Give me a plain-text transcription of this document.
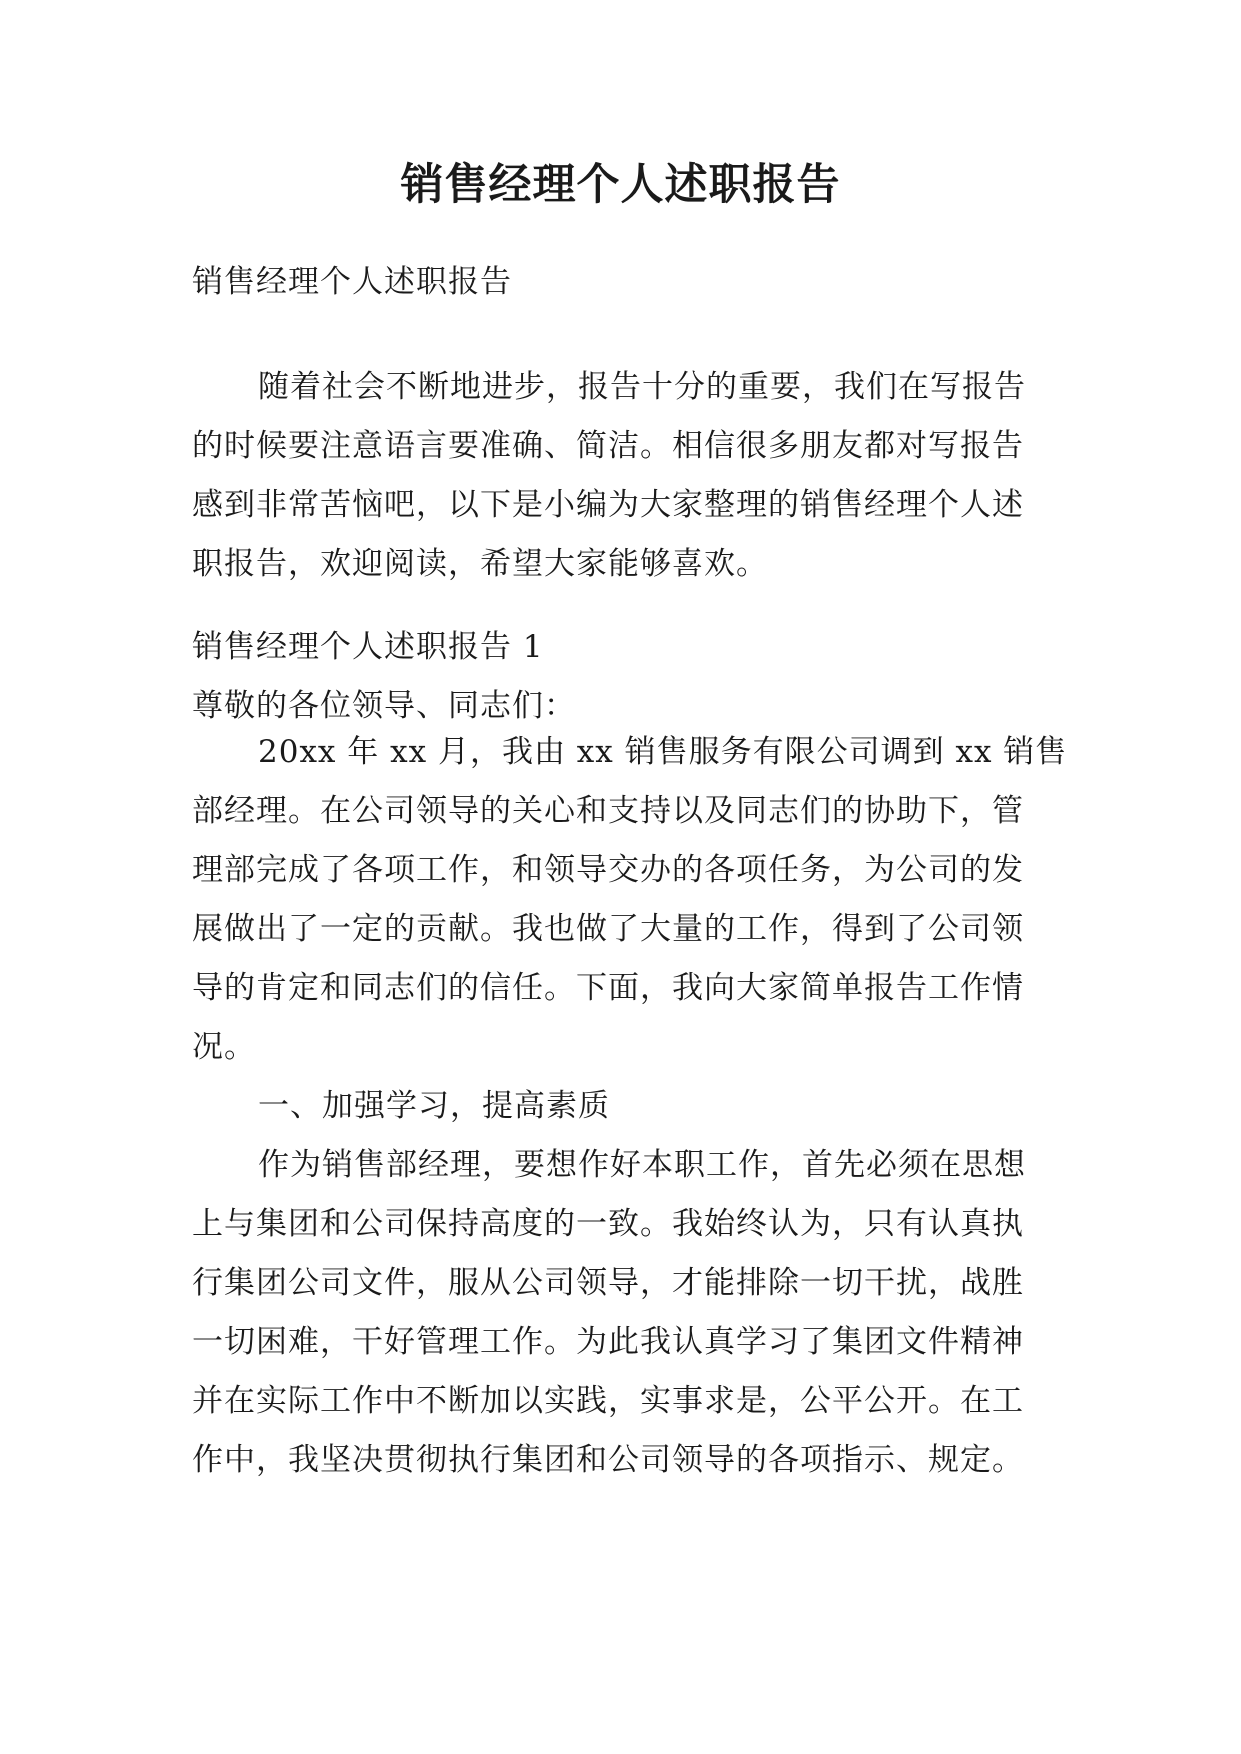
销售经理个人述职报告
销售经理个人述职报告
随着社会不断地进步，报告十分的重要，我们在写报告
的时候要注意语言要准确、简洁。相信很多朋友都对写报告
感到非常苦恼吧，以下是小编为大家整理的销售经理个人述
职报告，欢迎阅读，希望大家能够喜欢。
销售经理个人述职报告 1
尊敬的各位领导、同志们：
20xx 年 xx 月，我由 xx 销售服务有限公司调到 xx 销售
部经理。在公司领导的关心和支持以及同志们的协助下，管
理部完成了各项工作，和领导交办的各项任务，为公司的发
展做出了一定的贡献。我也做了大量的工作，得到了公司领
导的肯定和同志们的信任。下面，我向大家简单报告工作情
况。
一、加强学习，提高素质
作为销售部经理，要想作好本职工作，首先必须在思想
上与集团和公司保持高度的一致。我始终认为，只有认真执
行集团公司文件，服从公司领导，才能排除一切干扰，战胜
一切困难，干好管理工作。为此我认真学习了集团文件精神
并在实际工作中不断加以实践，实事求是，公平公开。在工
作中，我坚决贯彻执行集团和公司领导的各项指示、规定。
